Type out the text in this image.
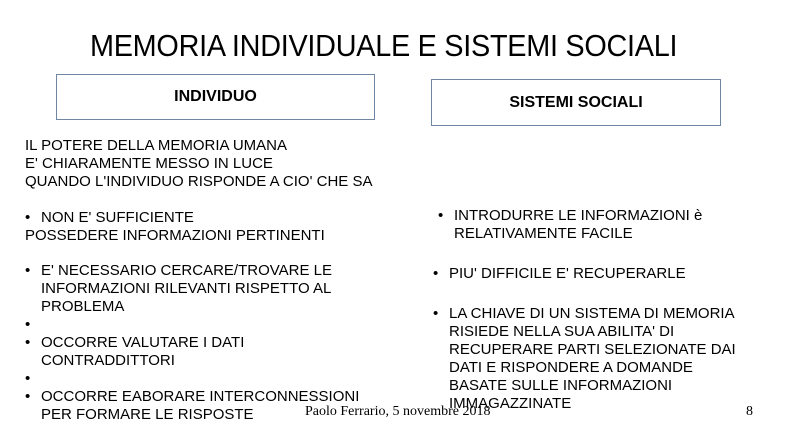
MEMORIA INDIVIDUALE E SISTEMI SOCIALI
INDIVIDUO	SISTEMI SOCIALI
IL POTERE DELLA MEMORIA UMANA
E' CHIARAMENTE MESSO IN LUCE
QUANDO L'INDIVIDUO RISPONDE A CIO' CHE SA
• NON E' SUFFICIENTE
POSSEDERE INFORMAZIONI PERTINENTI
• E' NECESSARIO CERCARE/TROVARE LE
INFORMAZIONI RILEVANTI RISPETTO AL
PROBLEMA
•
• OCCORRE VALUTARE I DATI
CONTRADDITTORI
•
• OCCORRE EABORARE INTERCONNESSIONI
PER FORMARE LE RISPOSTE
• INTRODURRE LE INFORMAZIONI è
RELATIVAMENTE FACILE
• PIU' DIFFICILE E' RECUPERARLE
• LA CHIAVE DI UN SISTEMA DI MEMORIA
RISIEDE NELLA SUA ABILITA' DI
RECUPERARE PARTI SELEZIONATE DAI
DATI E RISPONDERE A DOMANDE
BASATE SULLE INFORMAZIONI
IMMAGAZZINATE
Paolo Ferrario, 5 novembre 2018	8
